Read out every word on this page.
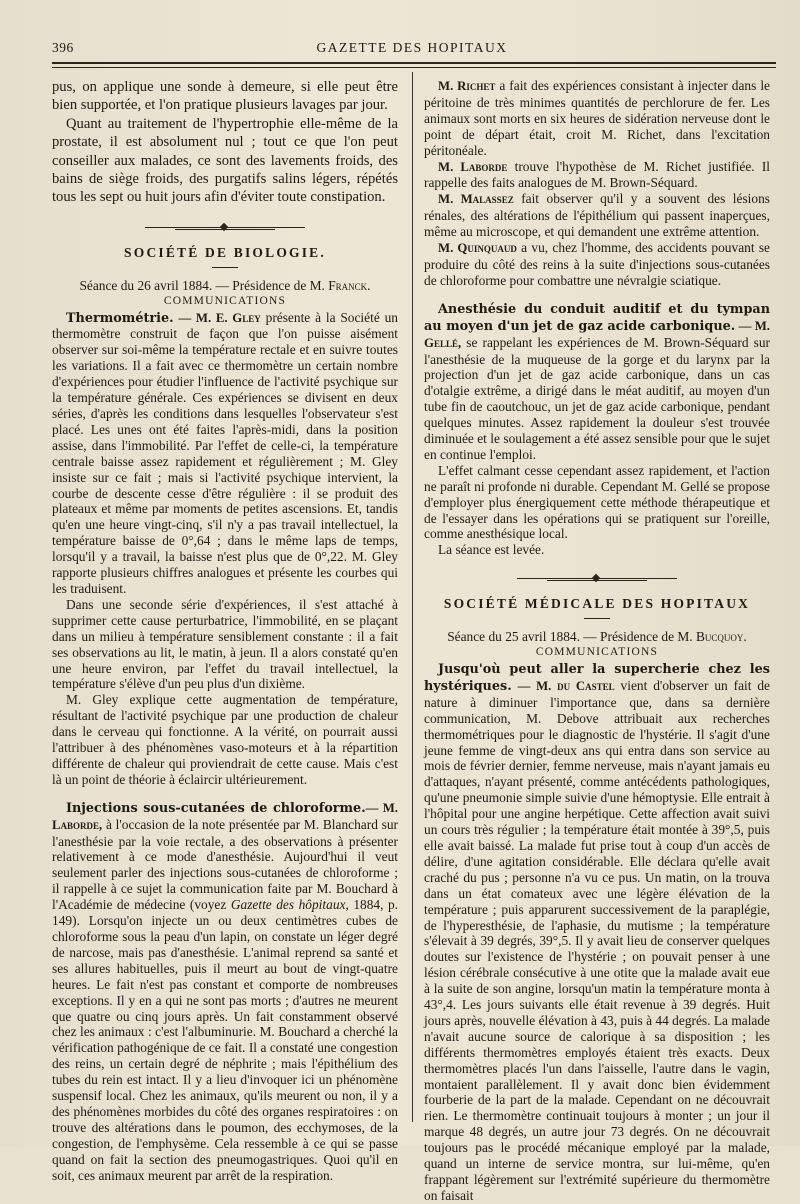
396	GAZETTE DES HOPITAUX

pus, on applique une sonde à demeure, si elle peut être bien supportée, et l'on pratique plusieurs lavages par jour.

Quant au traitement de l'hypertrophie elle-même de la prostate, il est absolument nul ; tout ce que l'on peut conseiller aux malades, ce sont des lavements froids, des bains de siège froids, des purgatifs salins légers, répétés tous les sept ou huit jours afin d'éviter toute constipation.

SOCIÉTÉ DE BIOLOGIE.

Séance du 26 avril 1884. — Présidence de M. Franck.

COMMUNICATIONS

Thermométrie. — M. E. Gley présente à la Société un thermomètre construit de façon que l'on puisse aisément observer sur soi-même la température rectale et en suivre toutes les variations. Il a fait avec ce thermomètre un certain nombre d'expériences pour étudier l'influence de l'activité psychique sur la température générale. Ces expériences se divisent en deux séries, d'après les conditions dans lesquelles l'observateur s'est placé. Les unes ont été faites l'après-midi, dans la position assise, dans l'immobilité. Par l'effet de celle-ci, la température centrale baisse assez rapidement et régulièrement ; M. Gley insiste sur ce fait ; mais si l'activité psychique intervient, la courbe de descente cesse d'être régulière : il se produit des plateaux et même par moments de petites ascensions. Et, tandis qu'en une heure vingt-cinq, s'il n'y a pas travail intellectuel, la température baisse de 0°,64 ; dans le même laps de temps, lorsqu'il y a travail, la baisse n'est plus que de 0°,22. M. Gley rapporte plusieurs chiffres analogues et présente les courbes qui les traduisent.

Dans une seconde série d'expériences, il s'est attaché à supprimer cette cause perturbatrice, l'immobilité, en se plaçant dans un milieu à température sensiblement constante : il a fait ses observations au lit, le matin, à jeun. Il a alors constaté qu'en une heure environ, par l'effet du travail intellectuel, la température s'élève d'un peu plus d'un dixième.

M. Gley explique cette augmentation de température, résultant de l'activité psychique par une production de chaleur dans le cerveau qui fonctionne. A la vérité, on pourrait aussi l'attribuer à des phénomènes vaso-moteurs et à la répartition différente de chaleur qui proviendrait de cette cause. Mais c'est là un point de théorie à éclaircir ultérieurement.

Injections sous-cutanées de chloroforme.— M. Laborde, à l'occasion de la note présentée par M. Blanchard sur l'anesthésie par la voie rectale, a des observations à présenter relativement à ce mode d'anesthésie. Aujourd'hui il veut seulement parler des injections sous-cutanées de chloroforme ; il rappelle à ce sujet la communication faite par M. Bouchard à l'Académie de médecine (voyez Gazette des hôpitaux, 1884, p. 149). Lorsqu'on injecte un ou deux centimètres cubes de chloroforme sous la peau d'un lapin, on constate un léger degré de narcose, mais pas d'anesthésie. L'animal reprend sa santé et ses allures habituelles, puis il meurt au bout de vingt-quatre heures. Le fait n'est pas constant et comporte de nombreuses exceptions. Il y en a qui ne sont pas morts ; d'autres ne meurent que quatre ou cinq jours après. Un fait constamment observé chez les animaux : c'est l'albuminurie. M. Bouchard a cherché la vérification pathogénique de ce fait. Il a constaté une congestion des reins, un certain degré de néphrite ; mais l'épithélium des tubes du rein est intact. Il y a lieu d'invoquer ici un phénomène suspensif local. Chez les animaux, qu'ils meurent ou non, il y a des phénomènes morbides du côté des organes respiratoires : on trouve des altérations dans le poumon, des ecchymoses, de la congestion, de l'emphysème. Cela ressemble à ce qui se passe quand on fait la section des pneumogastriques. Quoi qu'il en soit, ces animaux meurent par arrêt de la respiration.

M. Richet a fait des expériences consistant à injecter dans le péritoine de très minimes quantités de perchlorure de fer. Les animaux sont morts en six heures de sidération nerveuse dont le point de départ était, croit M. Richet, dans l'excitation péritonéale.

M. Laborde trouve l'hypothèse de M. Richet justifiée. Il rappelle des faits analogues de M. Brown-Séquard.

M. Malassez fait observer qu'il y a souvent des lésions rénales, des altérations de l'épithélium qui passent inaperçues, même au microscope, et qui demandent une extrême attention.

M. Quinquaud a vu, chez l'homme, des accidents pouvant se produire du côté des reins à la suite d'injections sous-cutanées de chloroforme pour combattre une névralgie sciatique.

Anesthésie du conduit auditif et du tympan au moyen d'un jet de gaz acide carbonique. — M. Gellé, se rappelant les expériences de M. Brown-Séquard sur l'anesthésie de la muqueuse de la gorge et du larynx par la projection d'un jet de gaz acide carbonique, dans un cas d'otalgie extrême, a dirigé dans le méat auditif, au moyen d'un tube fin de caoutchouc, un jet de gaz acide carbonique, pendant quelques minutes. Assez rapidement la douleur s'est trouvée diminuée et le soulagement a été assez sensible pour que le sujet en continue l'emploi.

L'effet calmant cesse cependant assez rapidement, et l'action ne paraît ni profonde ni durable. Cependant M. Gellé se propose d'employer plus énergiquement cette méthode thérapeutique et de l'essayer dans les opérations qui se pratiquent sur l'oreille, comme anesthésique local.

La séance est levée.

SOCIÉTÉ MÉDICALE DES HOPITAUX

Séance du 25 avril 1884. — Présidence de M. Bucquoy.

COMMUNICATIONS

Jusqu'où peut aller la supercherie chez les hystériques. — M. du Castel vient d'observer un fait de nature à diminuer l'importance que, dans sa dernière communication, M. Debove attribuait aux recherches thermométriques pour le diagnostic de l'hystérie. Il s'agit d'une jeune femme de vingt-deux ans qui entra dans son service au mois de février dernier, femme nerveuse, mais n'ayant jamais eu d'attaques, n'ayant présenté, comme antécédents pathologiques, qu'une pneumonie simple suivie d'une hémoptysie. Elle entrait à l'hôpital pour une angine herpétique. Cette affection avait suivi un cours très régulier ; la température était montée à 39°,5, puis elle avait baissé. La malade fut prise tout à coup d'un accès de délire, d'une agitation considérable. Elle déclara qu'elle avait craché du pus ; personne n'a vu ce pus. Un matin, on la trouva dans un état comateux avec une légère élévation de la température ; puis apparurent successivement de la paraplégie, de l'hyperesthésie, de l'aphasie, du mutisme ; la température s'élevait à 39 degrés, 39°,5. Il y avait lieu de conserver quelques doutes sur l'existence de l'hystérie ; on pouvait penser à une lésion cérébrale consécutive à une otite que la malade avait eue à la suite de son angine, lorsqu'un matin la température monta à 43°,4. Les jours suivants elle était revenue à 39 degrés. Huit jours après, nouvelle élévation à 43, puis à 44 degrés. La malade n'avait aucune source de calorique à sa disposition ; les différents thermomètres employés étaient très exacts. Deux thermomètres placés l'un dans l'aisselle, l'autre dans le vagin, montaient parallèlement. Il y avait donc bien évidemment fourberie de la part de la malade. Cependant on ne découvrait rien. Le thermomètre continuait toujours à monter ; un jour il marque 48 degrés, un autre jour 73 degrés. On ne découvrait toujours pas le procédé mécanique employé par la malade, quand un interne de service montra, sur lui-même, qu'en frappant légèrement sur l'extrémité supérieure du thermomètre on faisait
